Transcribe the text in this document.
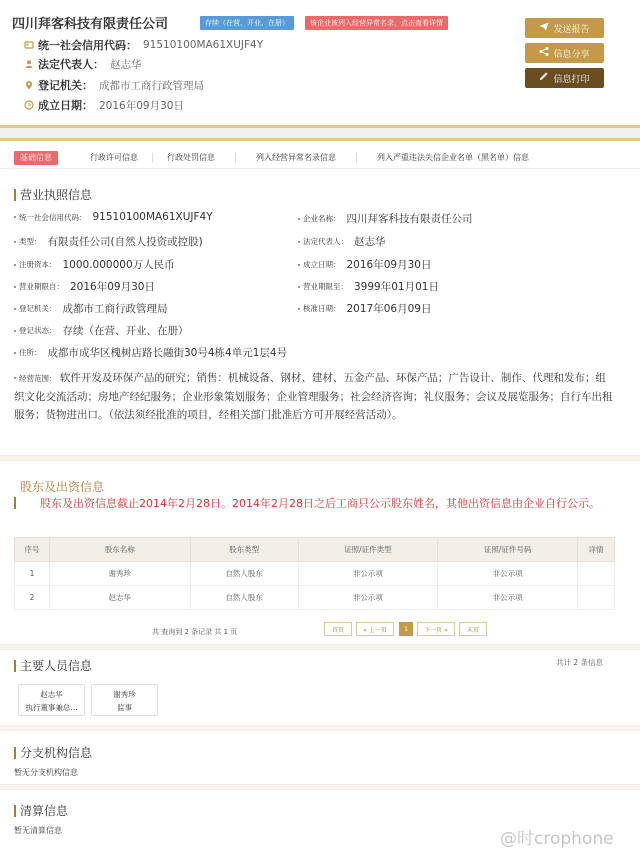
四川拜客科技有限责任公司	存续（在营、开业、在册）	该企业被列入经营异常名录，点击查看详情
统一社会信用代码： 91510100MA61XUJF4Y
法定代表人： 赵志华
登记机关： 成都市工商行政管理局
成立日期： 2016年09月30日
发送报告
信息分享
信息打印
基础信息	行政许可信息	行政处罚信息	列入经营异常名录信息	列入严重违法失信企业名单（黑名单）信息
营业执照信息
统一社会信用代码： 91510100MA61XUJF4Y	企业名称： 四川拜客科技有限责任公司
类型： 有限责任公司(自然人投资或控股)	法定代表人： 赵志华
注册资本： 1000.000000万人民币	成立日期： 2016年09月30日
营业期限自： 2016年09月30日	营业期限至： 3999年01月01日
登记机关： 成都市工商行政管理局	核准日期： 2017年06月09日
登记状态： 存续（在营、开业、在册）
住所： 成都市成华区槐树店路长融街30号4栋4单元1层4号
经营范围： 软件开发及环保产品的研究；销售：机械设备、钢材、建材、五金产品、环保产品；广告设计、制作、代理和发布；组织文化交流活动；房地产经纪服务；企业形象策划服务；企业管理服务；社会经济咨询；礼仪服务；会议及展览服务；自行车出租服务；货物进出口。（依法须经批准的项目，经相关部门批准后方可开展经营活动）。
股东及出资信息
股东及出资信息截止2014年2月28日。2014年2月28日之后工商只公示股东姓名，其他出资信息由企业自行公示。
序号	股东名称	股东类型	证照/证件类型	证照/证件号码	详情
1	谢秀珍	自然人股东	非公示项	非公示项	
2	赵志华	自然人股东	非公示项	非公示项	
共 查询到 2 条记录 共 1 页	首页	« 上一页	1	下一页 »	末页
主要人员信息	共计 2 条信息
赵志华
执行董事兼总...
谢秀珍
监事
分支机构信息
暂无分支机构信息
清算信息
暂无清算信息	@时crophone
